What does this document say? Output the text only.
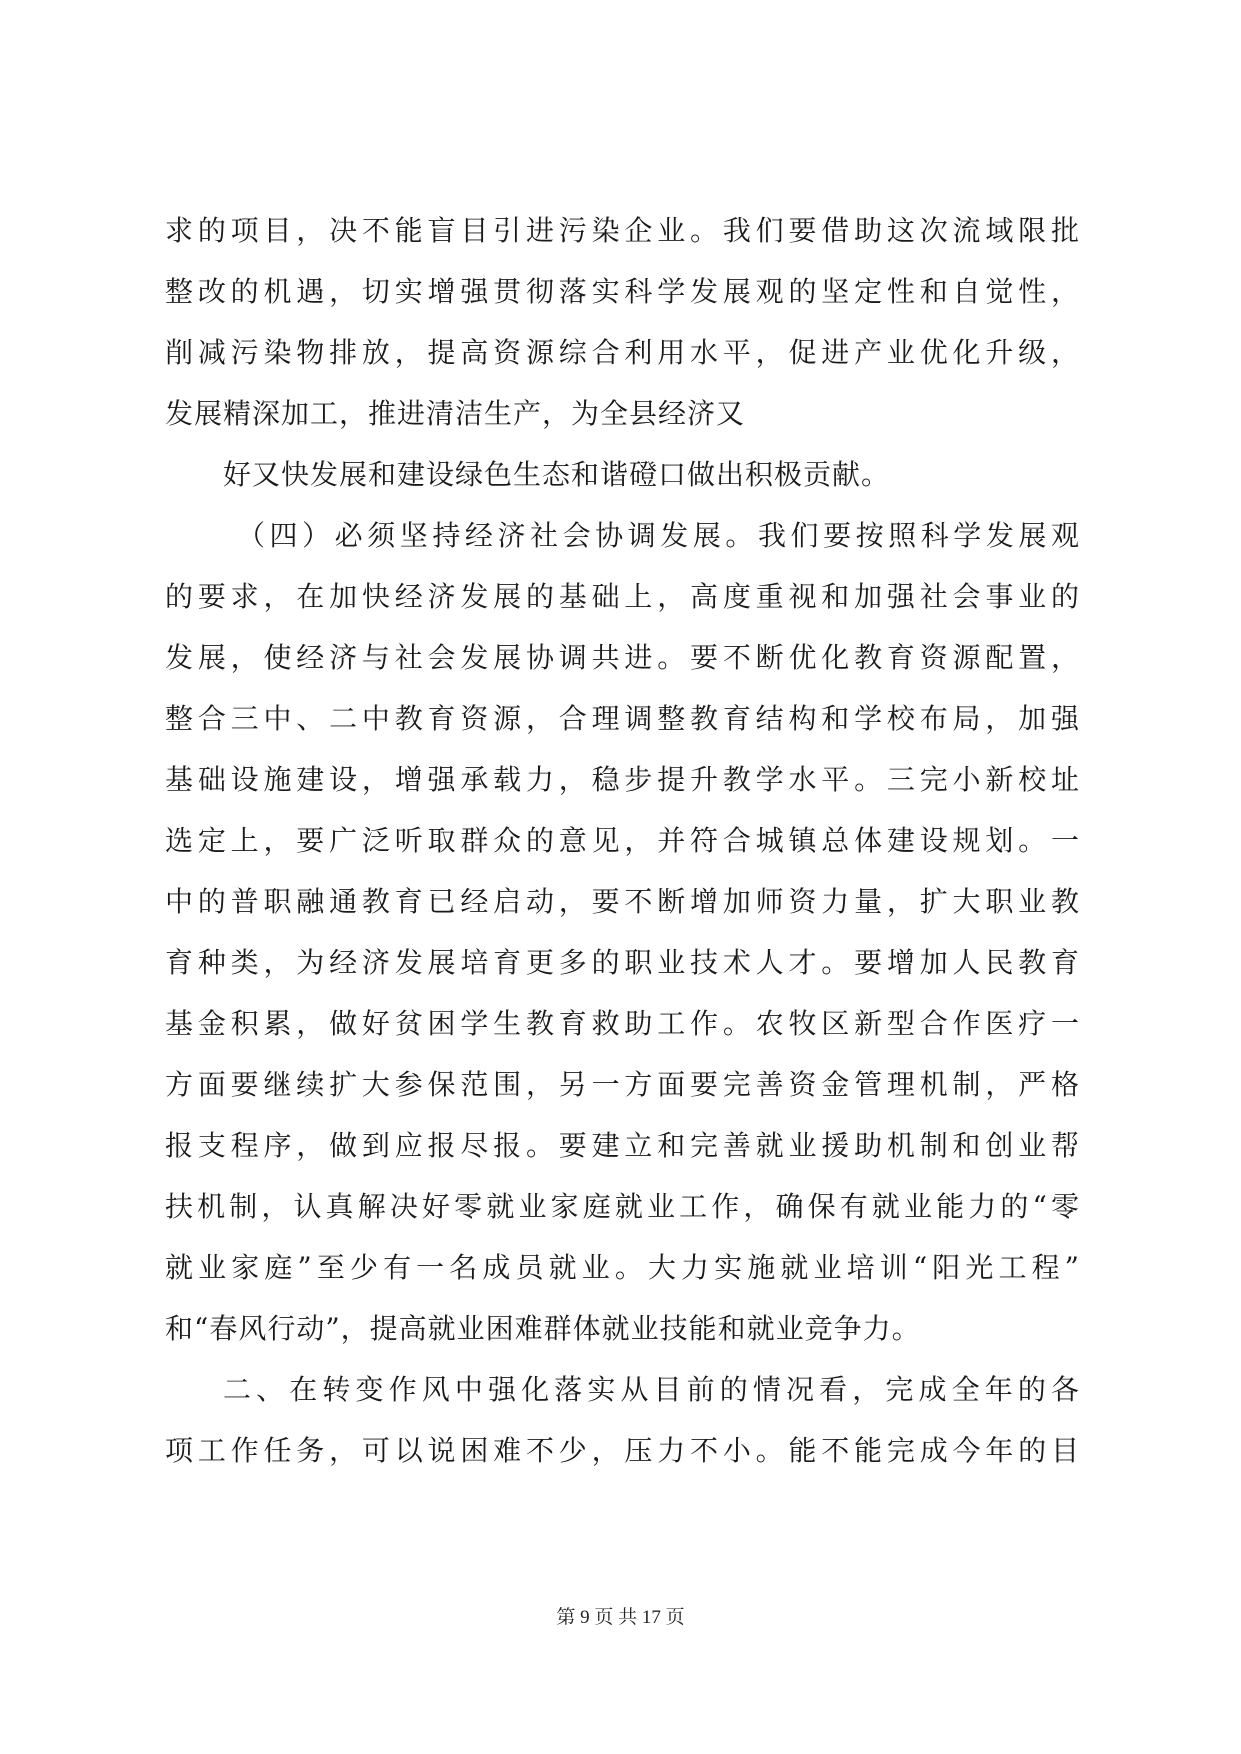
求的项目，决不能盲目引进污染企业。我们要借助这次流域限批
整改的机遇，切实增强贯彻落实科学发展观的坚定性和自觉性，
削减污染物排放，提高资源综合利用水平，促进产业优化升级，
发展精深加工，推进清洁生产，为全县经济又
好又快发展和建设绿色生态和谐磴口做出积极贡献。
（四）必须坚持经济社会协调发展。我们要按照科学发展观
的要求，在加快经济发展的基础上，高度重视和加强社会事业的
发展，使经济与社会发展协调共进。要不断优化教育资源配置，
整合三中、二中教育资源，合理调整教育结构和学校布局，加强
基础设施建设，增强承载力，稳步提升教学水平。三完小新校址
选定上，要广泛听取群众的意见，并符合城镇总体建设规划。一
中的普职融通教育已经启动，要不断增加师资力量，扩大职业教
育种类，为经济发展培育更多的职业技术人才。要增加人民教育
基金积累，做好贫困学生教育救助工作。农牧区新型合作医疗一
方面要继续扩大参保范围，另一方面要完善资金管理机制，严格
报支程序，做到应报尽报。要建立和完善就业援助机制和创业帮
扶机制，认真解决好零就业家庭就业工作，确保有就业能力的“零
就业家庭”至少有一名成员就业。大力实施就业培训“阳光工程”
和“春风行动”，提高就业困难群体就业技能和就业竞争力。
二、在转变作风中强化落实从目前的情况看，完成全年的各
项工作任务，可以说困难不少，压力不小。能不能完成今年的目
第 9 页 共 17 页
